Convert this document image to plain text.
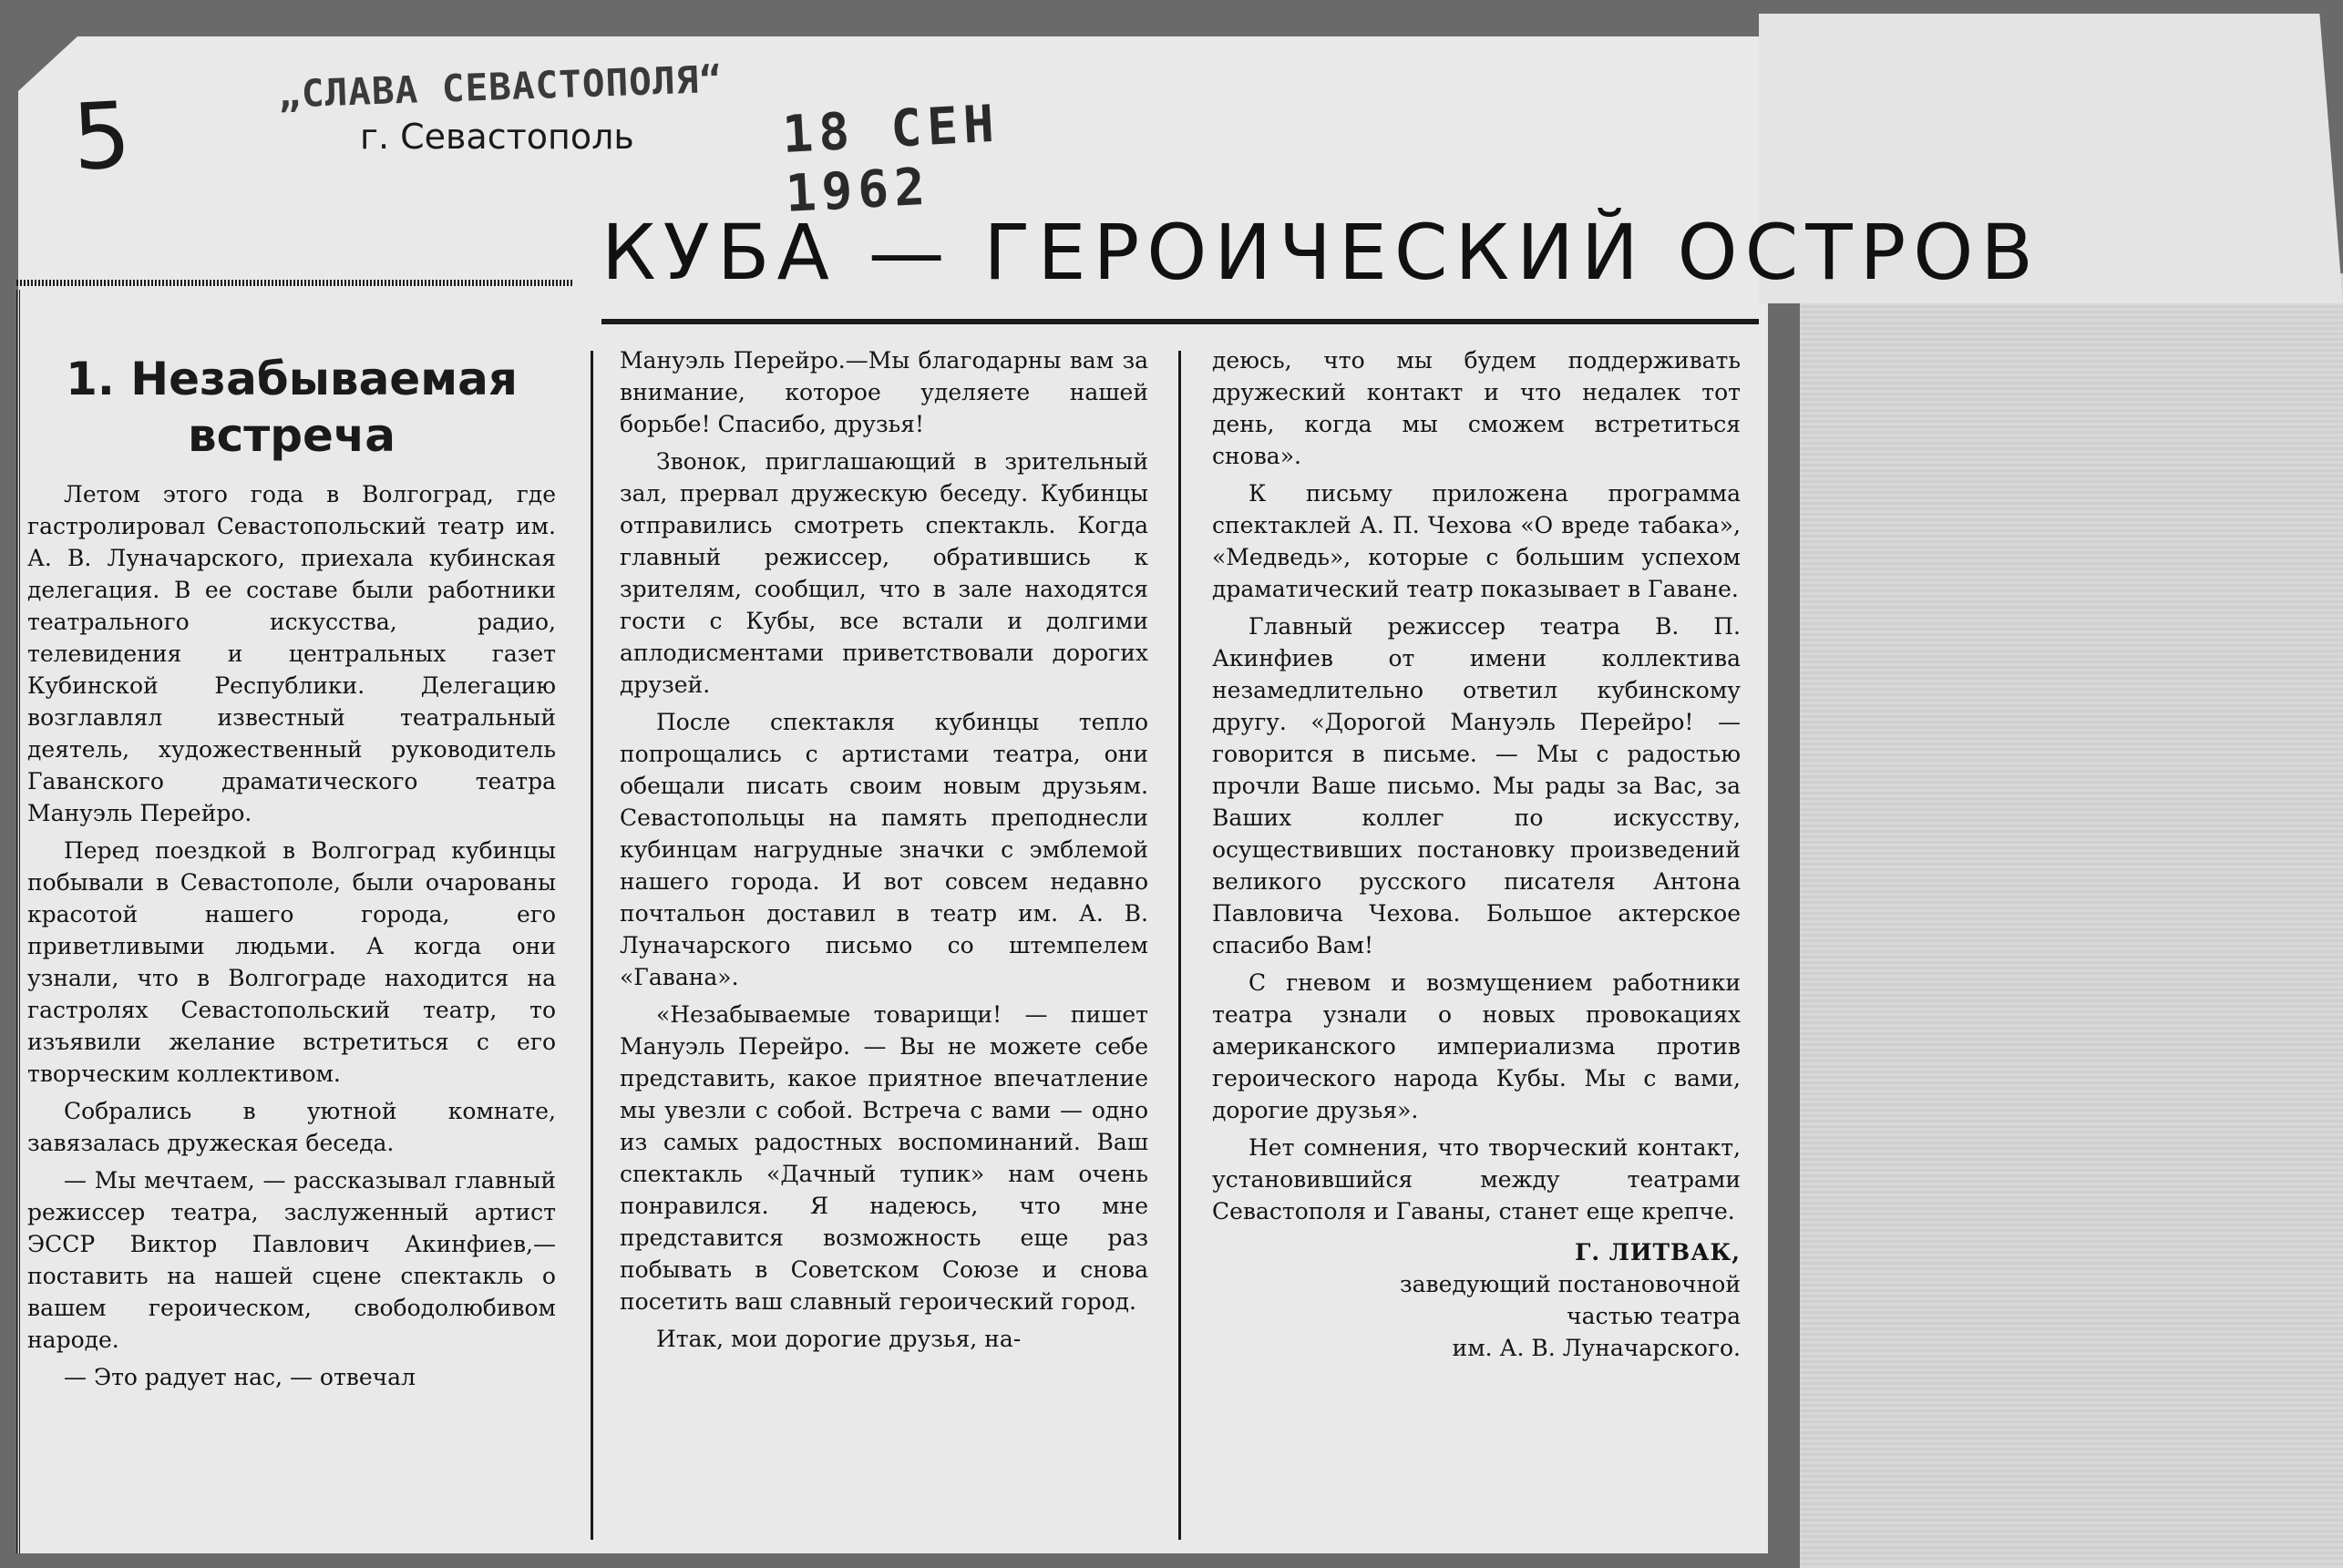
5	„СЛАВА СЕВАСТОПОЛЯ“
г. Севастополь	18 СЕН 1962
КУБА — ГЕРОИЧЕСКИЙ ОСТРОВ
1. Незабываемая встреча

Летом этого года в Волгоград, где гастролировал Севастопольский театр им. А. В. Луначарского, приехала кубинская делегация. В ее составе были работники театрального искусства, радио, телевидения и центральных газет Кубинской Республики. Делегацию возглавлял известный театральный деятель, художественный руководитель Гаванского драматического театра Мануэль Перейро.

Перед поездкой в Волгоград кубинцы побывали в Севастополе, были очарованы красотой нашего города, его приветливыми людьми. А когда они узнали, что в Волгограде находится на гастролях Севастопольский театр, то изъявили желание встретиться с его творческим коллективом.

Собрались в уютной комнате, завязалась дружеская беседа.

— Мы мечтаем, — рассказывал главный режиссер театра, заслуженный артист ЭССР Виктор Павлович Акинфиев,—поставить на нашей сцене спектакль о вашем героическом, свободолюбивом народе.

— Это радует нас, — отвечал

Мануэль Перейро.—Мы благодарны вам за внимание, которое уделяете нашей борьбе! Спасибо, друзья!

Звонок, приглашающий в зрительный зал, прервал дружескую беседу. Кубинцы отправились смотреть спектакль. Когда главный режиссер, обратившись к зрителям, сообщил, что в зале находятся гости с Кубы, все встали и долгими аплодисментами приветствовали дорогих друзей.

После спектакля кубинцы тепло попрощались с артистами театра, они обещали писать своим новым друзьям. Севастопольцы на память преподнесли кубинцам нагрудные значки с эмблемой нашего города. И вот совсем недавно почтальон доставил в театр им. А. В. Луначарского письмо со штемпелем «Гавана».

«Незабываемые товарищи! — пишет Мануэль Перейро. — Вы не можете себе представить, какое приятное впечатление мы увезли с собой. Встреча с вами — одно из самых радостных воспоминаний. Ваш спектакль «Дачный тупик» нам очень понравился. Я надеюсь, что мне представится возможность еще раз побывать в Советском Союзе и снова посетить ваш славный героический город.

Итак, мои дорогие друзья, на-

деюсь, что мы будем поддерживать дружеский контакт и что недалек тот день, когда мы сможем встретиться снова».

К письму приложена программа спектаклей А. П. Чехова «О вреде табака», «Медведь», которые с большим успехом драматический театр показывает в Гаване.

Главный режиссер театра В. П. Акинфиев от имени коллектива незамедлительно ответил кубинскому другу. «Дорогой Мануэль Перейро! — говорится в письме. — Мы с радостью прочли Ваше письмо. Мы рады за Вас, за Ваших коллег по искусству, осуществивших постановку произведений великого русского писателя Антона Павловича Чехова. Большое актерское спасибо Вам!

С гневом и возмущением работники театра узнали о новых провокациях американского империализма против героического народа Кубы. Мы с вами, дорогие друзья».

Нет сомнения, что творческий контакт, установившийся между театрами Севастополя и Гаваны, станет еще крепче.

Г. ЛИТВАК,
заведующий постановочной
частью театра
им. А. В. Луначарского.
